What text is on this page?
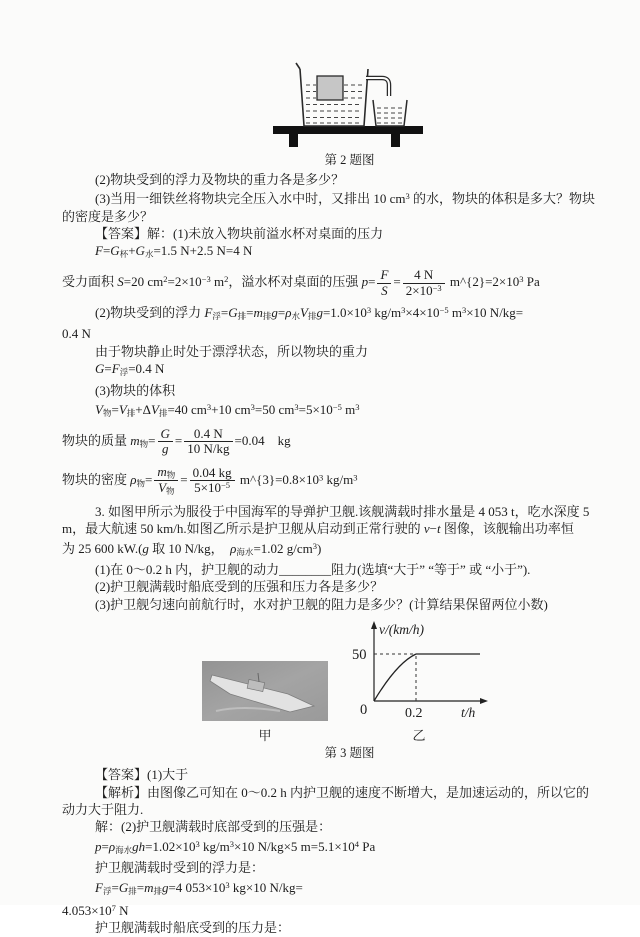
第 2 题图
(2)物块受到的浮力及物块的重力各是多少？
(3)当用一细铁丝将物块完全压入水中时，又排出 10 $cm^3$ 的水，物块的体积是多大？物块
的密度是多少？
【答案】解：(1)未放入物块前溢水杯对桌面的压力
$F=G_杯+G_水=1.5$ N+2.5 N=4 N
受力面积 S=20 $cm^2=2\times 10^{-3}$ $m^2$，溢水杯对桌面的压强 $p= \frac{F}{S} = \frac{4 N}{2\times 10^{-3}}$ $m\^{}\{2\}=2\times 10^3$ Pa
(2)物块受到的浮力 $F_浮=G_排=m_排g=\rho_水V_排g=1.0\times 10^3$ $kg/m^3\times 4\times 10^{-5}$ $m^3\times 10$ N/kg=
0.4 N
由于物块静止时处于漂浮状态，所以物块的重力
$G=F_浮=0.4$ N
(3)物块的体积
$V_物=V_排+\Delta V_排=40$ $cm^3+10$ $cm^3=50$ $cm^3=5\times 10^{-5}$ $m^3$
物块的质量 $m_物= \frac{G}{g} = \frac{0.4 N}{10 N/kg} =0.04$　kg
物块的密度 $\rho_物=$
$m_物$
$V_物$
= $\frac{0.04 kg}{5\times 10^{-5}}$ $m\^{}\{3\}=0.8\times 10^3$ $kg/m^3$
3. 如图甲所示为服役于中国海军的导弹护卫舰.该舰满载时排水量是 4 053 t，吃水深度 5
m，最大航速 50 km/h.如图乙所示是护卫舰从启动到正常行驶的 v−t 图像，该舰输出功率恒
为 25 600 kW.(g 取 10 N/kg，　$\rho_{海水}=1.02$ $g/cm^3$)
(1)在 0～0.2 h 内，护卫舰的动力________阻力(选填“大于” “等于” 或 “小于”).
(2)护卫舰满载时船底受到的压强和压力各是多少？
(3)护卫舰匀速向前航行时，水对护卫舰的阻力是多少？(计算结果保留两位小数)
甲
v/(km/h)
50
0	0.2	t/h
乙
第 3 题图
【答案】(1)大于
【解析】由图像乙可知在 0～0.2 h 内护卫舰的速度不断增大，是加速运动的，所以它的
动力大于阻力.
解：(2)护卫舰满载时底部受到的压强是：
$p=\rho_{海水}gh=1.02\times 10^3$ $kg/m^3\times 10$ N/kg×5 $m=5.1\times 10^4$ Pa
护卫舰满载时受到的浮力是：
$F_浮=G_排=m_排g=4$ $053\times 10^3$ kg×10 N/kg=
$4.053\times 10^7$ N
护卫舰满载时船底受到的压力是：
